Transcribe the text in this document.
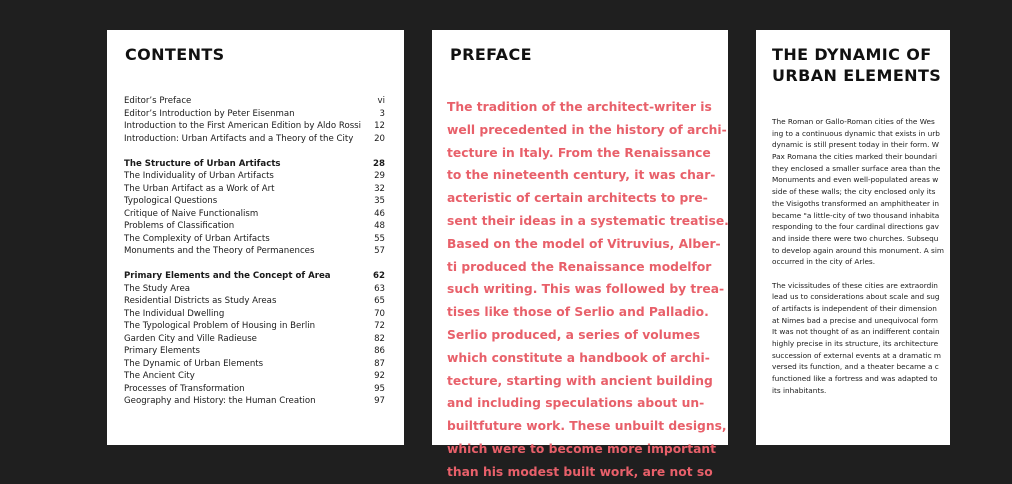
CONTENTS
Editor’s Preface	vi
Editor’s Introduction by Peter Eisenman	3
Introduction to the First American Edition by Aldo Rossi	12
Introduction: Urban Artifacts and a Theory of the City	20
The Structure of Urban Artifacts	28
The Individuality of Urban Artifacts	29
The Urban Artifact as a Work of Art	32
Typological Questions	35
Critique of Naive Functionalism	46
Problems of Classification	48
The Complexity of Urban Artifacts	55
Monuments and the Theory of Permanences	57
Primary Elements and the Concept of Area	62
The Study Area	63
Residential Districts as Study Areas	65
The Individual Dwelling	70
The Typological Problem of Housing in Berlin	72
Garden City and Ville Radieuse	82
Primary Elements	86
The Dynamic of Urban Elements	87
The Ancient City	92
Processes of Transformation	95
Geography and History: the Human Creation	97
PREFACE
The tradition of the architect-writer is
well precedented in the history of archi-
tecture in Italy. From the Renaissance
to the nineteenth century, it was char-
acteristic of certain architects to pre-
sent their ideas in a systematic treatise.
Based on the model of Vitruvius, Alber-
ti produced the Renaissance modelfor
such writing. This was followed by trea-
tises like those of Serlio and Palladio.
Serlio produced, a series of volumes
which constitute a handbook of archi-
tecture, starting with ancient building
and including speculations about un-
builtfuture work. These unbuilt designs,
which were to become more important
than his modest built work, are not so
THE DYNAMIC OF
URBAN ELEMENTS
The Roman or Gallo-Roman cities of the Wes
ing to a continuous dynamic that exists in urb
dynamic is still present today in their form. W
Pax Romana the cities marked their boundari
they enclosed a smaller surface area than the
Monuments and even well-populated areas w
side of these walls; the city enclosed only its
the Visigoths transformed an amphitheater in
became "a little-city of two thousand inhabita
responding to the four cardinal directions gav
and inside there were two churches. Subsequ
to develop again around this monument. A sim
occurred in the city of Arles.
The vicissitudes of these cities are extraordin
lead us to considerations about scale and sug
of artifacts is independent of their dimension
at Nimes bad a precise and unequivocal form
It was not thought of as an indifferent contain
highly precise in its structure, its architecture
succession of external events at a dramatic m
versed its function, and a theater became a c
functioned like a fortress and was adapted to
its inhabitants.
